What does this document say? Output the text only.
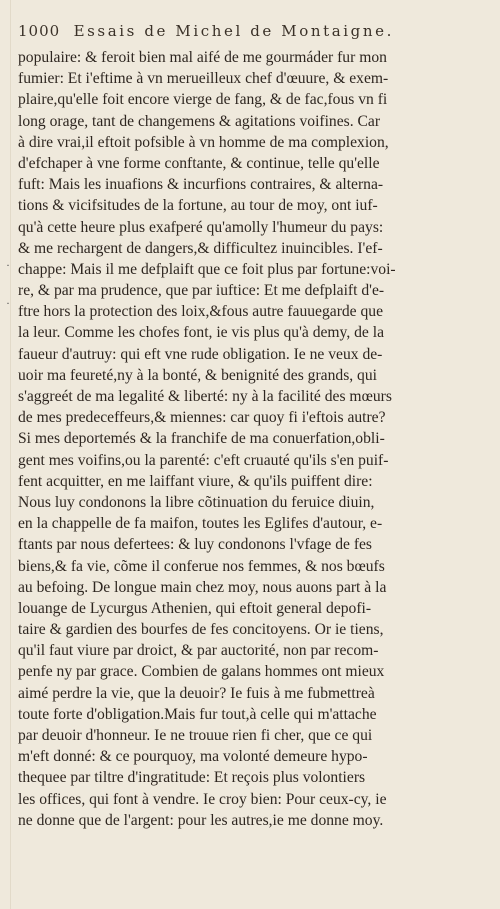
1000 Essais de Michel de Montaigne.
·
·
populaire: & feroit bien mal aifé de me gourmáder fur mon
fumier: Et i'eftime à vn merueilleux chef d'œuure, & exem-
plaire,qu'elle foit encore vierge de fang, & de fac,fous vn fi
long orage, tant de changemens & agitations voifines. Car
à dire vrai,il eftoit pofsible à vn homme de ma complexion,
d'efchaper à vne forme conftante, & continue, telle qu'elle
fuft: Mais les inuafions & incurfions contraires, & alterna-
tions & vicifsitudes de la fortune, au tour de moy, ont iuf-
qu'à cette heure plus exafperé qu'amolly l'humeur du pays:
& me rechargent de dangers,& difficultez inuincibles. I'ef-
chappe: Mais il me defplaift que ce foit plus par fortune:voi-
re, & par ma prudence, que par iuftice: Et me defplaift d'e-
ftre hors la protection des loix,&fous autre fauuegarde que
la leur. Comme les chofes font, ie vis plus qu'à demy, de la
faueur d'autruy: qui eft vne rude obligation. Ie ne veux de-
uoir ma feureté,ny à la bonté, & benignité des grands, qui
s'aggreét de ma legalité & liberté: ny à la facilité des mœurs
de mes predeceffeurs,& miennes: car quoy fi i'eftois autre?
Si mes deportemés & la franchife de ma conuerfation,obli-
gent mes voifins,ou la parenté: c'eft cruauté qu'ils s'en puif-
fent acquitter, en me laiffant viure, & qu'ils puiffent dire:
Nous luy condonons la libre cõtinuation du feruice diuin,
en la chappelle de fa maifon, toutes les Eglifes d'autour, e-
ftants par nous defertees: & luy condonons l'vfage de fes
biens,& fa vie, cõme il conferue nos femmes, & nos bœufs
au befoing. De longue main chez moy, nous auons part à la
louange de Lycurgus Athenien, qui eftoit general depofi-
taire & gardien des bourfes de fes concitoyens. Or ie tiens,
qu'il faut viure par droict, & par auctorité, non par recom-
penfe ny par grace. Combien de galans hommes ont mieux
aimé perdre la vie, que la deuoir? Ie fuis à me fubmettreà
toute forte d'obligation.Mais fur tout,à celle qui m'attache
par deuoir d'honneur. Ie ne trouue rien fi cher, que ce qui
m'eft donné: & ce pourquoy, ma volonté demeure hypo-
thequee par tiltre d'ingratitude: Et reçois plus volontiers
les offices, qui font à vendre. Ie croy bien: Pour ceux-cy, ie
ne donne que de l'argent: pour les autres,ie me donne moy.
